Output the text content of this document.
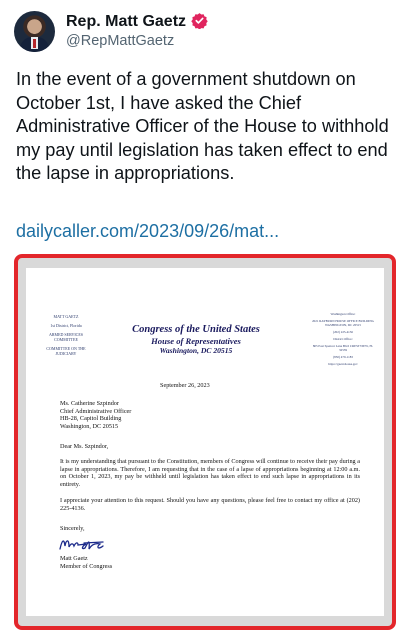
Rep. Matt Gaetz
@RepMattGaetz
In the event of a government shutdown on October 1st, I have asked the Chief Administrative Officer of the House to withhold my pay until legislation has taken effect to end the lapse in appropriations.
dailycaller.com/2023/09/26/mat...
MATT GAETZ
1st District, Florida
ARMED SERVICES COMMITTEE
COMMITTEE ON THE JUDICIARY
Washington Office:
2021 RAYBURN HOUSE OFFICE BUILDING WASHINGTON, DC 20515
(202) 225-4136
District Office:
805 East Spencer Lane Blvd CRESTVIEW, FL 32539
(850) 479-1183
https://gaetz.house.gov
Congress of the United States
House of Representatives
Washington, DC 20515
September 26, 2023
Ms. Catherine Szpindor
Chief Administrative Officer
HB-28, Capitol Building
Washington, DC 20515
Dear Ms. Szpindor,
It is my understanding that pursuant to the Constitution, members of Congress will continue to receive their pay during a lapse in appropriations. Therefore, I am requesting that in the case of a lapse of appropriations beginning at 12:00 a.m. on October 1, 2023, my pay be withheld until legislation has taken effect to end such lapse in appropriations in its entirety.
I appreciate your attention to this request. Should you have any questions, please feel free to contact my office at (202) 225-4136.
Sincerely,
Matt Gaetz
Member of Congress
